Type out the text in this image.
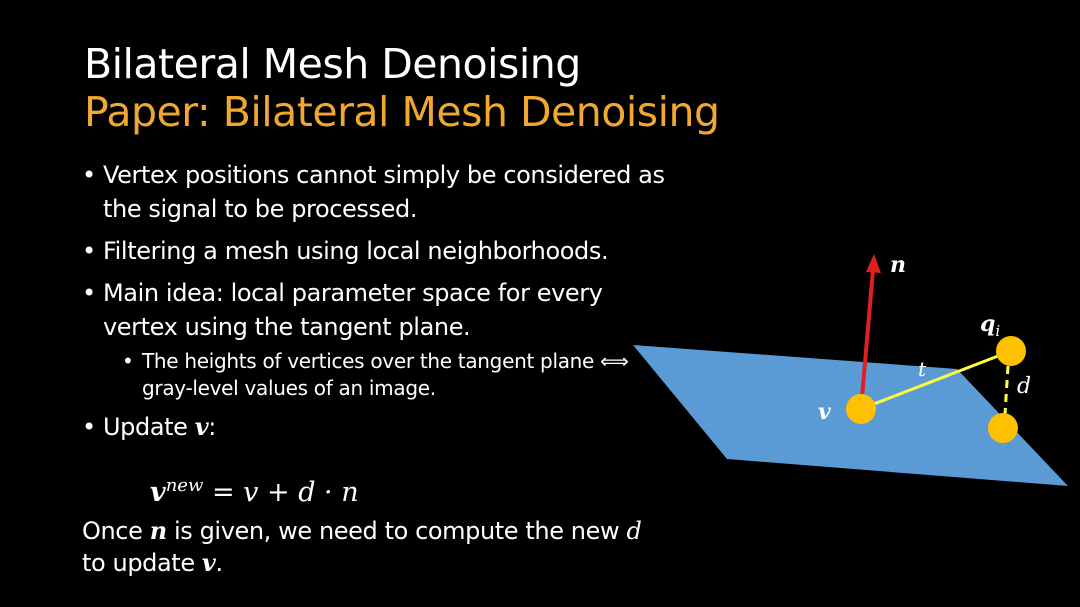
Bilateral Mesh Denoising
Paper: Bilateral Mesh Denoising
• Vertex positions cannot simply be considered as the signal to be processed.
• Filtering a mesh using local neighborhoods.
• Main idea: local parameter space for every vertex using the tangent plane.
• The heights of vertices over the tangent plane ⟺ gray-level values of an image.
• Update v:
$v^{new} = v + d \cdot n$
Once n is given, we need to compute the new d to update v.
n
$q_i$
t
d
v
